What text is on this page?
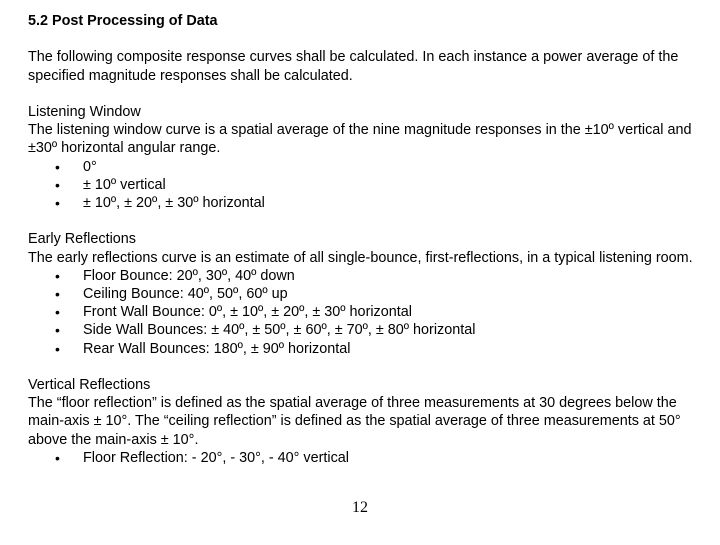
5.2 Post Processing of Data

The following composite response curves shall be calculated. In each instance a power average of the specified magnitude responses shall be calculated.

Listening Window

The listening window curve is a spatial average of the nine magnitude responses in the ±10º vertical and ±30º horizontal angular range.

• 0°
• ± 10º vertical
• ± 10º, ± 20º, ± 30º horizontal

Early Reflections

The early reflections curve is an estimate of all single-bounce, first-reflections, in a typical listening room.

• Floor Bounce: 20º, 30º, 40º down
• Ceiling Bounce: 40º, 50º, 60º up
• Front Wall Bounce: 0º, ± 10º, ± 20º, ± 30º horizontal
• Side Wall Bounces: ± 40º, ± 50º, ± 60º, ± 70º, ± 80º horizontal
• Rear Wall Bounces: 180º, ± 90º horizontal

Vertical Reflections

The “floor reflection” is defined as the spatial average of three measurements at 30 degrees below the main-axis ± 10°. The “ceiling reflection” is defined as the spatial average of three measurements at 50° above the main-axis ± 10°.

• Floor Reflection: - 20°, - 30°, - 40° vertical
12
